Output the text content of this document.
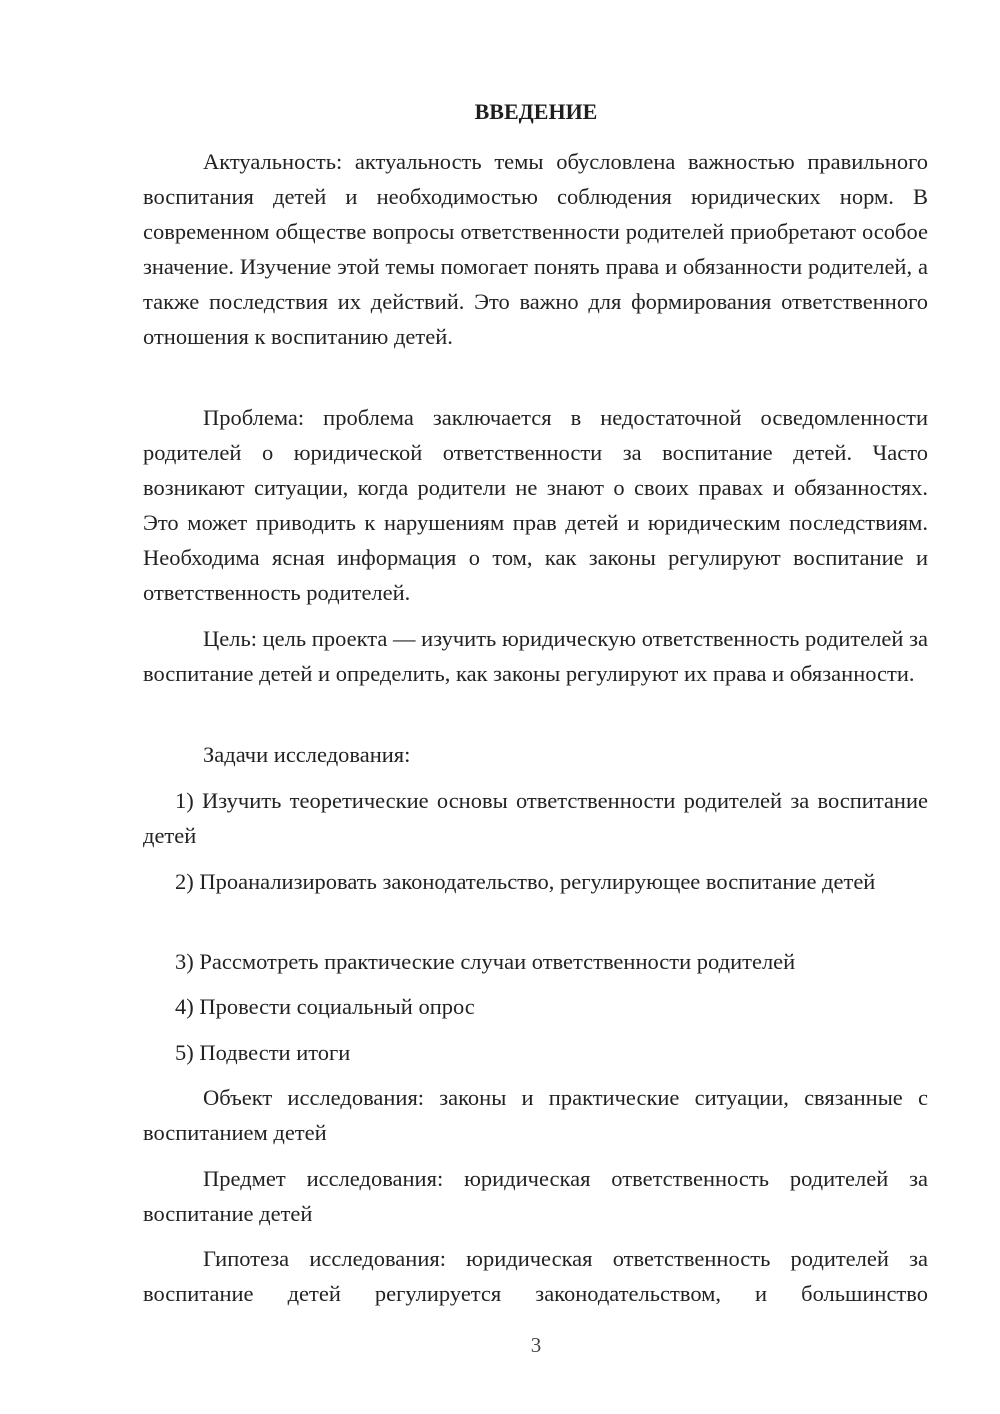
ВВЕДЕНИЕ

Актуальность: актуальность темы обусловлена важностью правильного воспитания детей и необходимостью соблюдения юридических норм. В современном обществе вопросы ответственности родителей приобретают особое значение. Изучение этой темы помогает понять права и обязанности родителей, а также последствия их действий. Это важно для формирования ответственного отношения к воспитанию детей.

Проблема: проблема заключается в недостаточной осведомленности родителей о юридической ответственности за воспитание детей. Часто возникают ситуации, когда родители не знают о своих правах и обязанностях. Это может приводить к нарушениям прав детей и юридическим последствиям. Необходима ясная информация о том, как законы регулируют воспитание и ответственность родителей.

Цель: цель проекта — изучить юридическую ответственность родителей за воспитание детей и определить, как законы регулируют их права и обязанности.

Задачи исследования:

1) Изучить теоретические основы ответственности родителей за воспитание детей

2) Проанализировать законодательство, регулирующее воспитание детей

3) Рассмотреть практические случаи ответственности родителей

4) Провести социальный опрос

5) Подвести итоги

Объект исследования: законы и практические ситуации, связанные с воспитанием детей

Предмет исследования: юридическая ответственность родителей за воспитание детей

Гипотеза исследования: юридическая ответственность родителей за воспитание детей регулируется законодательством, и большинство

3
